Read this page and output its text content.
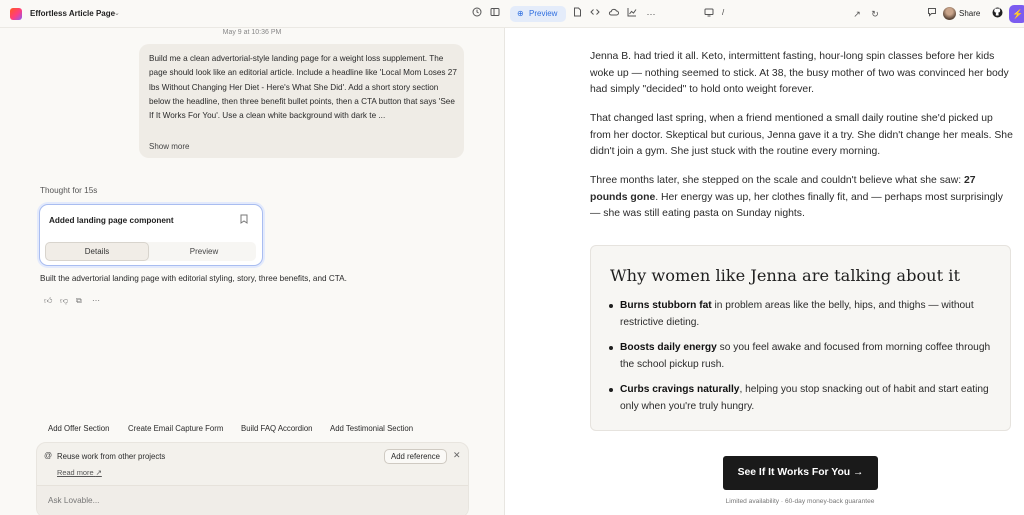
Effortless Article Page
⌄	⊕ Preview	⋯	/	↗	↻	Share	⚡
May 9 at 10:36 PM
Build me a clean advertorial-style landing page for a weight loss supplement. The page should look like an editorial article. Include a headline like 'Local Mom Loses 27 lbs Without Changing Her Diet - Here's What She Did'. Add a short story section below the headline, then three benefit bullet points, then a CTA button that says 'See If It Works For You'. Use a clean white background with dark te ...
Show more
Thought for 15s
Added landing page component
Details	Preview
Built the advertorial landing page with editorial styling, story, three benefits, and CTA.
👍︎ 👎︎ ⧉ ⋯
Add Offer Section Create Email Capture Form Build FAQ Accordion Add Testimonial Section
@ Reuse work from other projects
Read more ↗
Add reference	✕
Ask Lovable...
Jenna B. had tried it all. Keto, intermittent fasting, hour-long spin classes before her kids woke up — nothing seemed to stick. At 38, the busy mother of two was convinced her body had simply "decided" to hold onto weight forever.
That changed last spring, when a friend mentioned a small daily routine she'd picked up from her doctor. Skeptical but curious, Jenna gave it a try. She didn't change her meals. She didn't join a gym. She just stuck with the routine every morning.
Three months later, she stepped on the scale and couldn't believe what she saw: 27 pounds gone. Her energy was up, her clothes finally fit, and — perhaps most surprisingly — she was still eating pasta on Sunday nights.
Why women like Jenna are talking about it
Burns stubborn fat in problem areas like the belly, hips, and thighs — without restrictive dieting.
Boosts daily energy so you feel awake and focused from morning coffee through the school pickup rush.
Curbs cravings naturally, helping you stop snacking out of habit and start eating only when you're truly hungry.
See If It Works For You →
Limited availability · 60-day money-back guarantee
